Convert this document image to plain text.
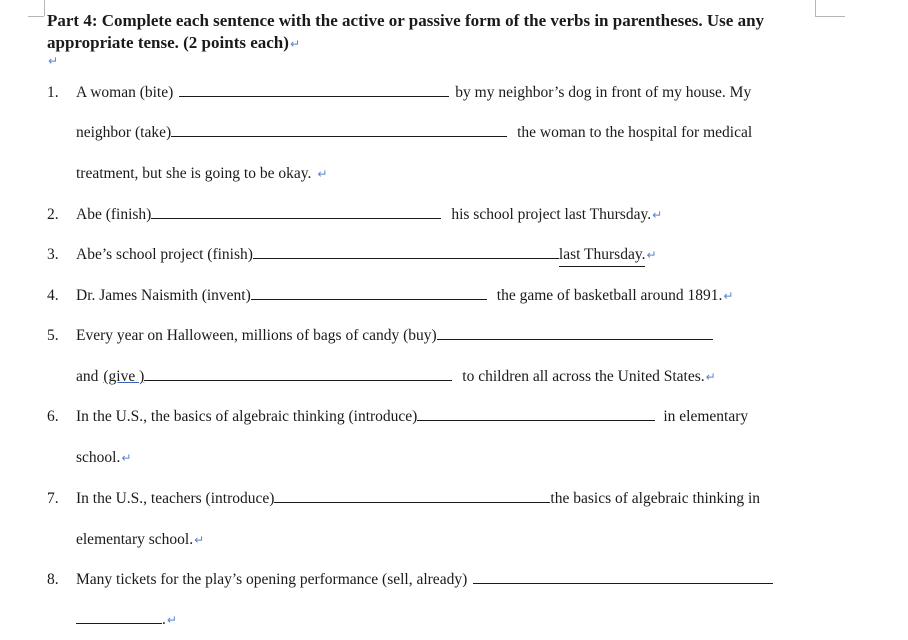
Part 4: Complete each sentence with the active or passive form of the verbs in parentheses. Use any appropriate tense. (2 points each)↵
↵
1. A woman (bite)	by my neighbor’s dog in front of my house. My
neighbor (take)	the woman to the hospital for medical
treatment, but she is going to be okay. ↵
2. Abe (finish)	his school project last Thursday. ↵
3. Abe’s school project (finish)	last Thursday. ↵
4. Dr. James Naismith (invent)	the game of basketball around 1891. ↵
5. Every year on Halloween, millions of bags of candy (buy)
and (give )	to children all across the United States. ↵
6. In the U.S., the basics of algebraic thinking (introduce)	in elementary
school. ↵
7. In the U.S., teachers (introduce)	the basics of algebraic thinking in
elementary school. ↵
8. Many tickets for the play’s opening performance (sell, already)
. ↵
